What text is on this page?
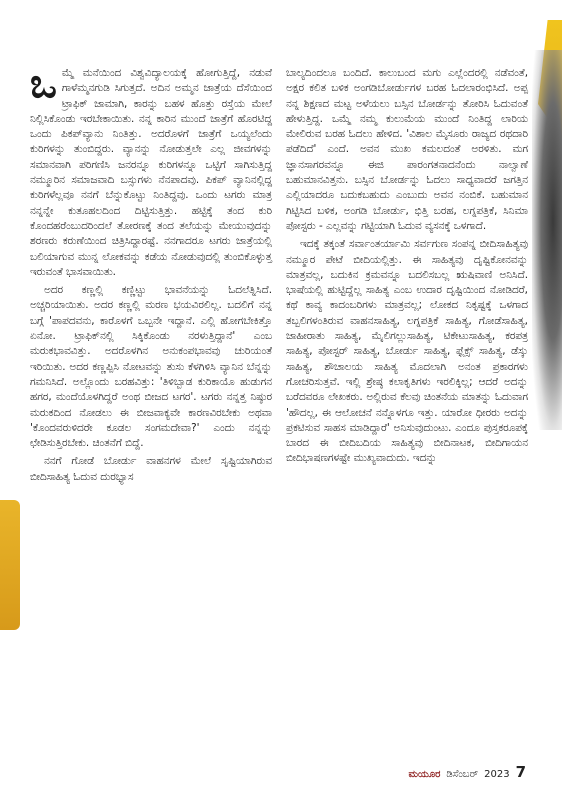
ಒಮ್ಮೆ ಮನೆಯಿಂದ ವಿಶ್ವವಿದ್ಯಾಲಯಕ್ಕೆ ಹೋಗುತ್ತಿದ್ದೆ, ನಡುವೆ ಗಾಳೆಮ್ಮನಗುಡಿ ಸಿಗುತ್ತದೆ. ಅದಿನ ಅಮ್ಮನ ಜಾತ್ರೆಯ ದೆಸೆಯಿಂದ ಟ್ರಾಫಿಕ್ ಜಾಮಾಗಿ, ಕಾರನ್ನು ಬಹಳ ಹೊತ್ತು ರಸ್ತೆಯ ಮೇಲೆ ನಿಲ್ಲಿಸಿಕೊಂಡು ಇರಬೇಕಾಯಿತು. ನನ್ನ ಕಾರಿನ ಮುಂದೆ ಜಾತ್ರೆಗೆ ಹೊರಟಿದ್ದ ಒಂದು ಪಿಕಪ್‌ವ್ಯಾನು ನಿಂತಿತ್ತು. ಅದರೊಳಗೆ ಜಾತ್ರೆಗೆ ಒಯ್ಯಲೆಂದು ಕುರಿಗಳನ್ನು ತುಂಬಿದ್ದರು. ವ್ಯಾನನ್ನು ನೋಡುತ್ತಲೇ ಎಲ್ಲ ಜೀವಗಳನ್ನು ಸಮಾನವಾಗಿ ಪರಿಗಣಿಸಿ ಜನರನ್ನೂ ಕುರಿಗಳನ್ನೂ ಒಟ್ಟಿಗೆ ಸಾಗಿಸುತ್ತಿದ್ದ ನಮ್ಮೂರಿನ ಸಮಾಜವಾದಿ ಬಸ್ಸುಗಳು ನೆನಪಾದವು. ಪಿಕಪ್ ವ್ಯಾನಿನಲ್ಲಿದ್ದ ಕುರಿಗಳೆಲ್ಲವೂ ನನಗೆ ಬೆನ್ನುಕೊಟ್ಟು ನಿಂತಿದ್ದವು. ಒಂದು ಟಗರು ಮಾತ್ರ ನನ್ನನ್ನೇ ಕುತೂಹಲದಿಂದ ದಿಟ್ಟಿಸುತ್ತಿತ್ತು. ಹಟ್ಟಿಕ್ಕೆ ತಂದ ಕುರಿ ಕೊಂದಹರೆಂಬುದರಿಂದಲೆ ತೋರಣಕ್ಕೆ ತಂದ ತಲೆಯನ್ನು ಮೇಯುವುದನ್ನು ಶರಣರು ಕರುಣೆಯಿಂದ ಚಿತ್ರಿಸಿದ್ದಾರಷ್ಟೆ. ನನಗಾದರೂ ಟಗರು ಜಾತ್ರೆಯಲ್ಲಿ ಬಲಿಯಾಗುವ ಮುನ್ನ ಲೋಕವನ್ನು ಕಡೆಯ ನೋಡುವುದಲ್ಲಿ ತುಂಬಿಕೊಳ್ಳುತ್ತ ಇರುವಂತೆ ಭಾಸವಾಯಿತು.

ಅದರ ಕಣ್ಣಲ್ಲಿ ಕಣ್ಣಿಟ್ಟು ಭಾವನೆಯನ್ನು ಓದಲೆತ್ನಿಸಿದೆ. ಅಚ್ಚರಿಯಾಯಿತು. ಅದರ ಕಣ್ಣಲ್ಲಿ ಮರಣ ಭಯವಿರಲಿಲ್ಲ. ಬದಲಿಗೆ ನನ್ನ ಬಗ್ಗೆ 'ಪಾಪದವನು, ಕಾರೊಳಗೆ ಒಬ್ಬನೇ ಇದ್ದಾನೆ. ಎಲ್ಲಿ ಹೋಗಬೇಕಿತ್ತೊ ಏನೋ. ಟ್ರಾಫಿಕ್‌ನಲ್ಲಿ ಸಿಕ್ಕಿಕೊಂಡು ನರಳುತ್ತಿದ್ದಾನೆ' ಎಂಬ ಮರುಕಭಾವವಿತ್ತು. ಅದರೊಳಗಿನ ಅನುಕಂಪಭಾವವು ಚುರಿಯಂತೆ ಇರಿಯಿತು. ಅದರ ಕಣ್ಣಪ್ಪಿಸಿ ನೋಟವನ್ನು ತುಸು ಕೆಳಗಿಳಿಸಿ ವ್ಯಾನಿನ ಬೆನ್ನನ್ನು ಗಮನಿಸಿದೆ. ಅಲ್ಲೊಂದು ಬರಹವಿತ್ತು: 'ತಿಳಿಬ್ಬಾಡ ಕುರಿಕಾಯೊ ಹುಡುಗನ ಹಗರ, ಮಂದೆಯೊಳಗಿದ್ದರೆ ಅಂಥ ಬೀಜದ ಟಗರ'. ಟಗರು ನನ್ನತ್ತ ನಿಷ್ಠುರ ಮರುಕದಿಂದ ನೋಡಲು ಈ ಬೀಜವಾಕ್ಯವೇ ಕಾರಣವಿರಬೇಕು ಅಥವಾ 'ಕೊಂದವರುಳಿದರೇ ಕೂಡಲ ಸಂಗಮದೇವಾ?' ಎಂದು ನನ್ನನ್ನು ಛೇಡಿಸುತ್ತಿರಬೇಕು. ಚಿಂತನೆಗೆ ಬಿದ್ದೆ.

ನನಗೆ ಗೋಡೆ ಬೋರ್ಡು ವಾಹನಗಳ ಮೇಲೆ ಸೃಷ್ಟಿಯಾಗಿರುವ ಬೀದಿಸಾಹಿತ್ಯ ಓದುವ ದುರಭ್ಯಾಸ

ಬಾಲ್ಯದಿಂದಲೂ ಬಂದಿದೆ. ಕಾಲುಬಂದ ಮಗು ಎಲ್ಲೆಂದರಲ್ಲಿ ನಡೆವಂತೆ, ಅಕ್ಷರ ಕಲಿತ ಬಳಿಕ ಅಂಗಡಿಬೋರ್ಡುಗಳ ಬರಹ ಓದಲಾರಂಭಿಸಿದೆ. ಅಪ್ಪ ನನ್ನ ಶಿಕ್ಷಣದ ಮಟ್ಟ ಅಳೆಯಲು ಬಸ್ಸಿನ ಬೋರ್ಡನ್ನು ತೋರಿಸಿ ಓದುವಂತೆ ಹೇಳುತ್ತಿದ್ದ. ಒಮ್ಮೆ ನಮ್ಮ ಕುಲುಮೆಯ ಮುಂದೆ ನಿಂತಿದ್ದ ಲಾರಿಯ ಮೇಲಿರುವ ಬರಹ ಓದಲು ಹೇಳಿದ. 'ವಿಶಾಲ ಮೈಸೂರು ರಾಜ್ಯದ ರಥದಾರಿ ಪಡೆದಿದೆ' ಎಂದೆ. ಅವನ ಮುಖ ಕಮಲದಂತೆ ಅರಳಿತು. ಮಗ ಜ್ಞಾನಸಾಗರವನ್ನೂ ಈಜಿ ಪಾರಂಗತನಾದನೆಂದು ನಾಲ್ವಾಣೆ ಬಹುಮಾನವಿತ್ತನು. ಬಸ್ಸಿನ ಬೋರ್ಡನ್ನು ಓದಲು ಸಾಧ್ಯವಾದರೆ ಜಗತ್ತಿನ ಎಲ್ಲಿಯಾದರೂ ಬದುಕಬಹುದು ಎಂಬುದು ಅವನ ನಂಬಿಕೆ. ಬಹುಮಾನ ಗಿಟ್ಟಿಸಿದ ಬಳಿಕ, ಅಂಗಡಿ ಬೋರ್ಡು, ಭಿತ್ತಿ ಬರಹ, ಲಗ್ನಪತ್ರಿಕೆ, ಸಿನಿಮಾ ಪೋಸ್ಟರು - ಎಲ್ಲವನ್ನು ಗಟ್ಟಿಯಾಗಿ ಓದುವ ವ್ಯಸನಕ್ಕೆ ಒಳಗಾದೆ.

ಇದಕ್ಕೆ ತಕ್ಕಂತೆ ಸರ್ವಾಂತರ್ಯಾಮಿ ಸರ್ವಗುಣ ಸಂಪನ್ನ ಬೀದಿಸಾಹಿತ್ಯವು ನಮ್ಮೂರ ಪೇಟೆ ಬೀದಿಯಲ್ಲಿತ್ತು. ಈ ಸಾಹಿತ್ಯವು ದೃಷ್ಟಿಕೋನವನ್ನು ಮಾತ್ರವಲ್ಲ, ಬದುಕಿನ ಕ್ರಮವನ್ನೂ ಬದಲಿಸಬಲ್ಲ ಋಷಿವಾಣಿ ಅನಿಸಿದೆ. ಭಾಷೆಯಲ್ಲಿ ಹುಟ್ಟಿದ್ದೆಲ್ಲ ಸಾಹಿತ್ಯ ಎಂಬ ಉದಾರ ದೃಷ್ಟಿಯಿಂದ ನೋಡಿದರೆ, ಕಥೆ ಕಾವ್ಯ ಕಾದಂಬರಿಗಳು ಮಾತ್ರವಲ್ಲ; ಲೋಕದ ನಿಕೃಷ್ಟಕ್ಕೆ ಒಳಗಾದ ತಬ್ಬಲಿಗಳಂತಿರುವ ವಾಹನಸಾಹಿತ್ಯ, ಲಗ್ನಪತ್ರಿಕೆ ಸಾಹಿತ್ಯ, ಗೋಡೆಸಾಹಿತ್ಯ, ಜಾಹೀರಾತು ಸಾಹಿತ್ಯ, ಮೈಲಿಗಲ್ಲುಸಾಹಿತ್ಯ, ಟಿಕೇಟುಸಾಹಿತ್ಯ, ಕರಪತ್ರ ಸಾಹಿತ್ಯ, ಪೋಸ್ಟರ್ ಸಾಹಿತ್ಯ, ಬೋರ್ಡು ಸಾಹಿತ್ಯ, ಫ್ಲೆಕ್ಸ್ ಸಾಹಿತ್ಯ, ಡೆಸ್ಕು ಸಾಹಿತ್ಯ, ಶೌಚಾಲಯ ಸಾಹಿತ್ಯ ಮೊದಲಾಗಿ ಅನಂತ ಪ್ರಕಾರಗಳು ಗೋಚರಿಸುತ್ತವೆ. ಇಲ್ಲಿ ಶ್ರೇಷ್ಠ ಕಲಾಕೃತಿಗಳು ಇರಲಿಕ್ಕಿಲ್ಲ; ಆದರೆ ಅದನ್ನು ಬರೆದವರೂ ಲೇಖಕರು. ಅಲ್ಲಿರುವ ಕೆಲವು ಚಿಂತನೆಯ ಮಾತನ್ನು ಓದುವಾಗ 'ಹೌದಲ್ಲ, ಈ ಆಲೋಚನೆ ನನ್ನೊಳಗೂ ಇತ್ತು. ಯಾರೋ ಧೀರರು ಅದನ್ನು ಪ್ರಕಟಿಸುವ ಸಾಹಸ ಮಾಡಿದ್ದಾರೆ' ಅನಿಸುವುದುಂಟು. ಎಂದೂ ಪುಸ್ತಕರೂಪಕ್ಕೆ ಬಾರದ ಈ ಬೀದಿಬದಿಯ ಸಾಹಿತ್ಯವು ಬೀದಿನಾಟಕ, ಬೀದಿಗಾಯನ ಬೀದಿಭಾಷಣಗಳಷ್ಟೇ ಮುಖ್ಯವಾದುದು. ಇದನ್ನು

ಮಯೂರ ಡಿಸೆಂಬರ್ 2023 7
